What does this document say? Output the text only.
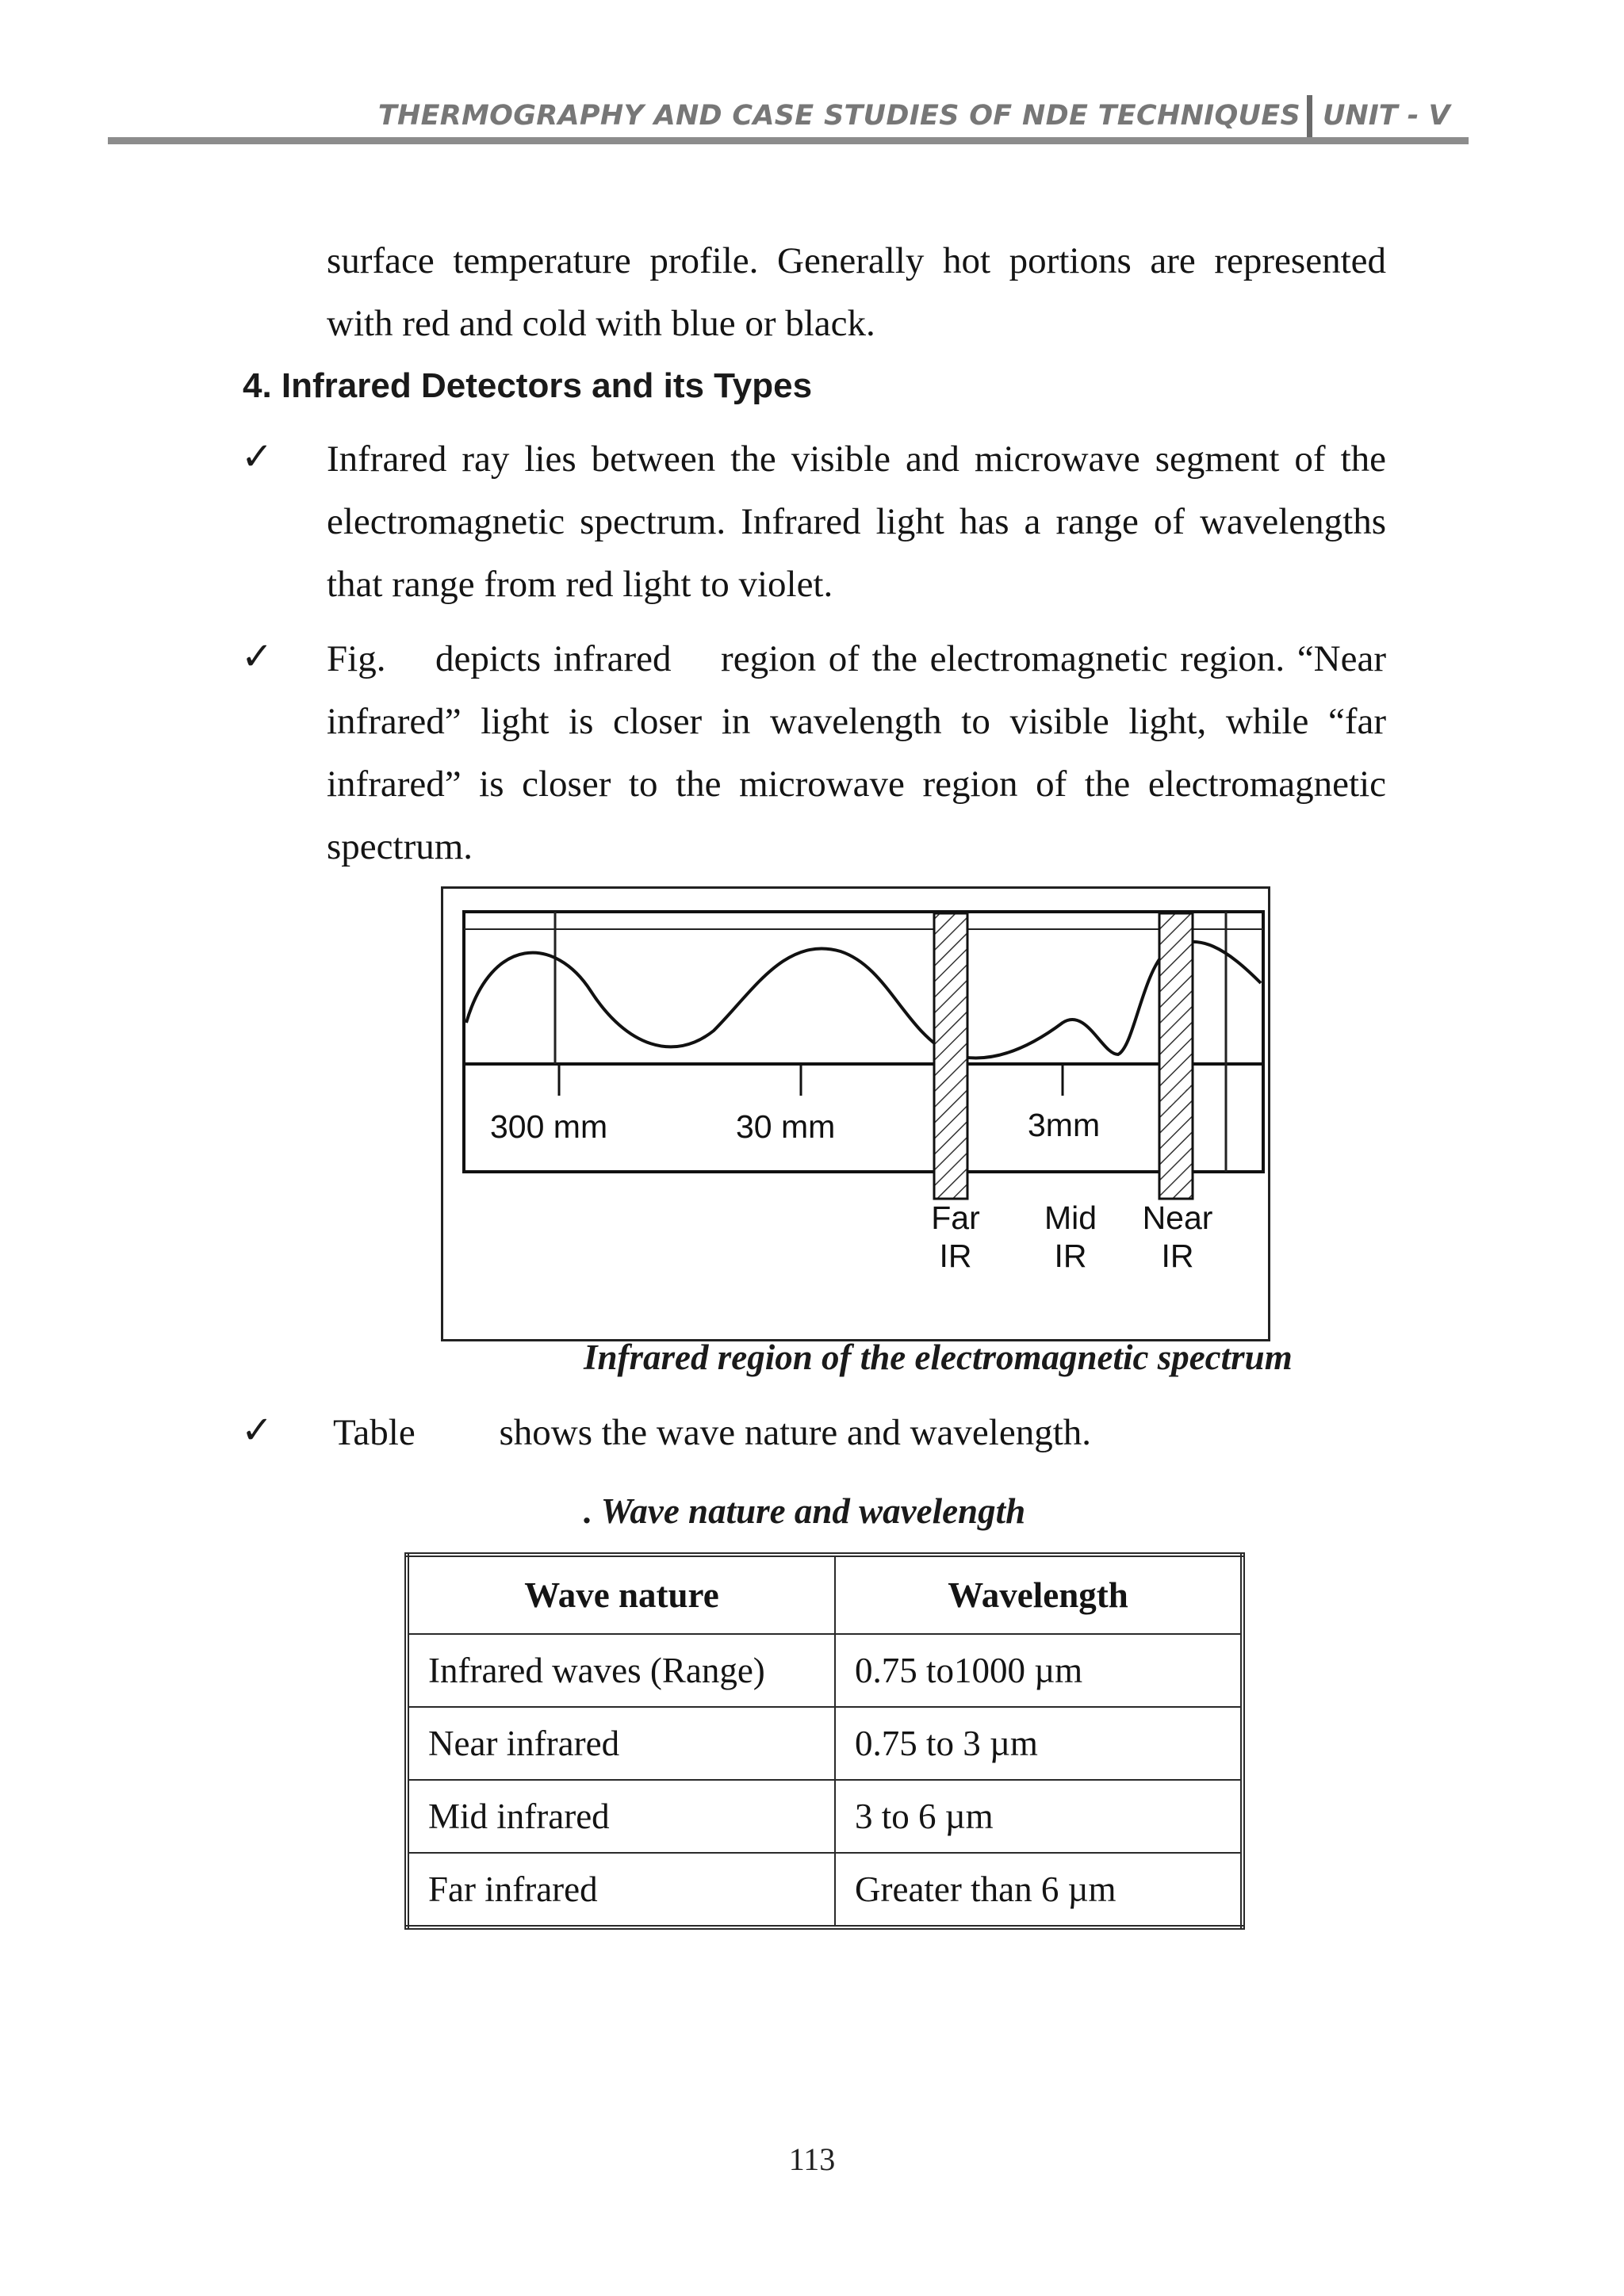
THERMOGRAPHY AND CASE STUDIES OF NDE TECHNIQUES UNIT - V
surface temperature profile. Generally hot portions are represented with red and cold with blue or black.
4. Infrared Detectors and its Types
✓ Infrared ray lies between the visible and microwave segment of the electromagnetic spectrum. Infrared light has a range of wavelengths that range from red light to violet.
✓ Fig.    depicts infrared    region of the electromagnetic region. “Near infrared” light is closer in wavelength to visible light, while “far infrared” is closer to the microwave region of the electromagnetic spectrum.
300 mm	30 mm	3mm
Far
IR
Mid
IR
Near
IR
Infrared region of the electromagnetic spectrum
✓ Table         shows the wave nature and wavelength.
. Wave nature and wavelength
Wave nature	Wavelength
Infrared waves (Range)	0.75 to1000 µm
Near infrared	0.75 to 3 µm
Mid infrared	3 to 6 µm
Far infrared	Greater than 6 µm
113
